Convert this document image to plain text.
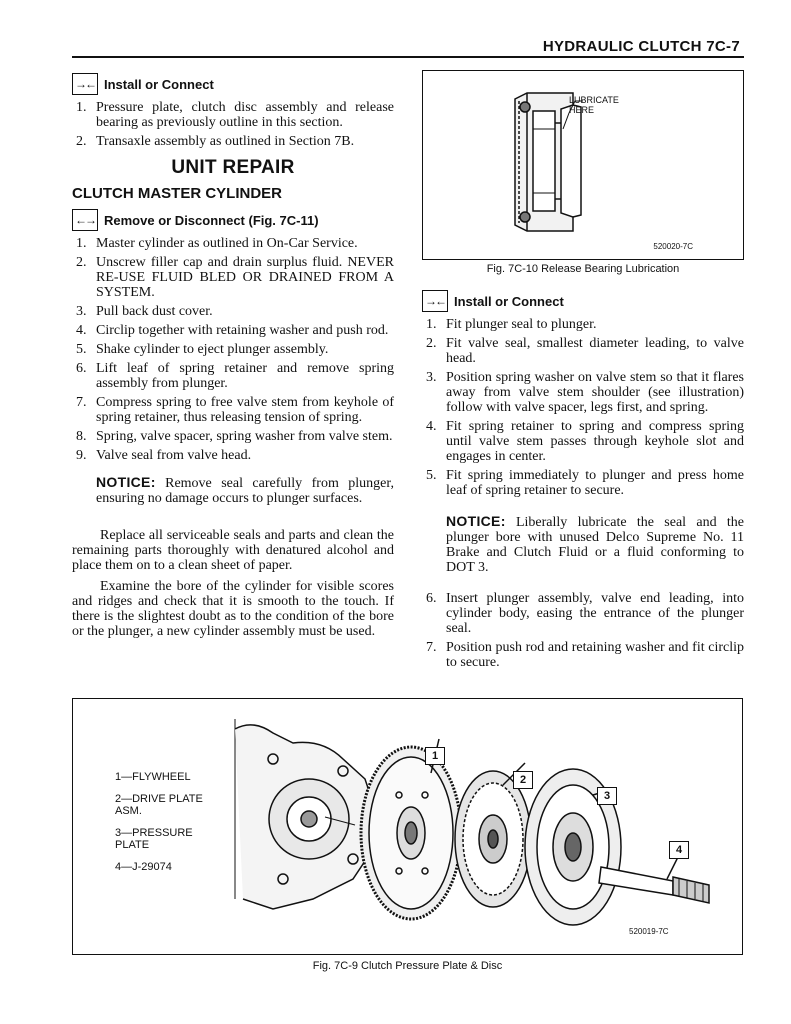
HYDRAULIC CLUTCH 7C-7
→← Install or Connect
1. Pressure plate, clutch disc assembly and release bearing as previously outline in this section.
2. Transaxle assembly as outlined in Section 7B.
UNIT REPAIR
CLUTCH MASTER CYLINDER
←→ Remove or Disconnect (Fig. 7C-11)
1. Master cylinder as outlined in On-Car Service.
2. Unscrew filler cap and drain surplus fluid. NEVER RE-USE FLUID BLED OR DRAINED FROM A SYSTEM.
3. Pull back dust cover.
4. Circlip together with retaining washer and push rod.
5. Shake cylinder to eject plunger assembly.
6. Lift leaf of spring retainer and remove spring assembly from plunger.
7. Compress spring to free valve stem from keyhole of spring retainer, thus releasing tension of spring.
8. Spring, valve spacer, spring washer from valve stem.
9. Valve seal from valve head.
NOTICE: Remove seal carefully from plunger, ensuring no damage occurs to plunger surfaces.

Replace all serviceable seals and parts and clean the remaining parts thoroughly with denatured alcohol and place them on to a clean sheet of paper.

Examine the bore of the cylinder for visible scores and ridges and check that it is smooth to the touch. If there is the slightest doubt as to the condition of the bore or the plunger, a new cylinder assembly must be used.

LUBRICATE
HERE
520020-7C
Fig. 7C-10 Release Bearing Lubrication
→← Install or Connect
1. Fit plunger seal to plunger.
2. Fit valve seal, smallest diameter leading, to valve head.
3. Position spring washer on valve stem so that it flares away from valve stem shoulder (see illustration) follow with valve spacer, legs first, and spring.
4. Fit spring retainer to spring and compress spring until valve stem passes through keyhole slot and engages in center.
5. Fit spring immediately to plunger and press home leaf of spring retainer to secure.
NOTICE: Liberally lubricate the seal and the plunger bore with unused Delco Supreme No. 11 Brake and Clutch Fluid or a fluid conforming to DOT 3.
6. Insert plunger assembly, valve end leading, into cylinder body, easing the entrance of the plunger seal.
7. Position push rod and retaining washer and fit circlip to secure.
1—FLYWHEEL
2—DRIVE PLATE ASM.
3—PRESSURE PLATE
4—J-29074
1
2
3
4
520019-7C
Fig. 7C-9 Clutch Pressure Plate & Disc
